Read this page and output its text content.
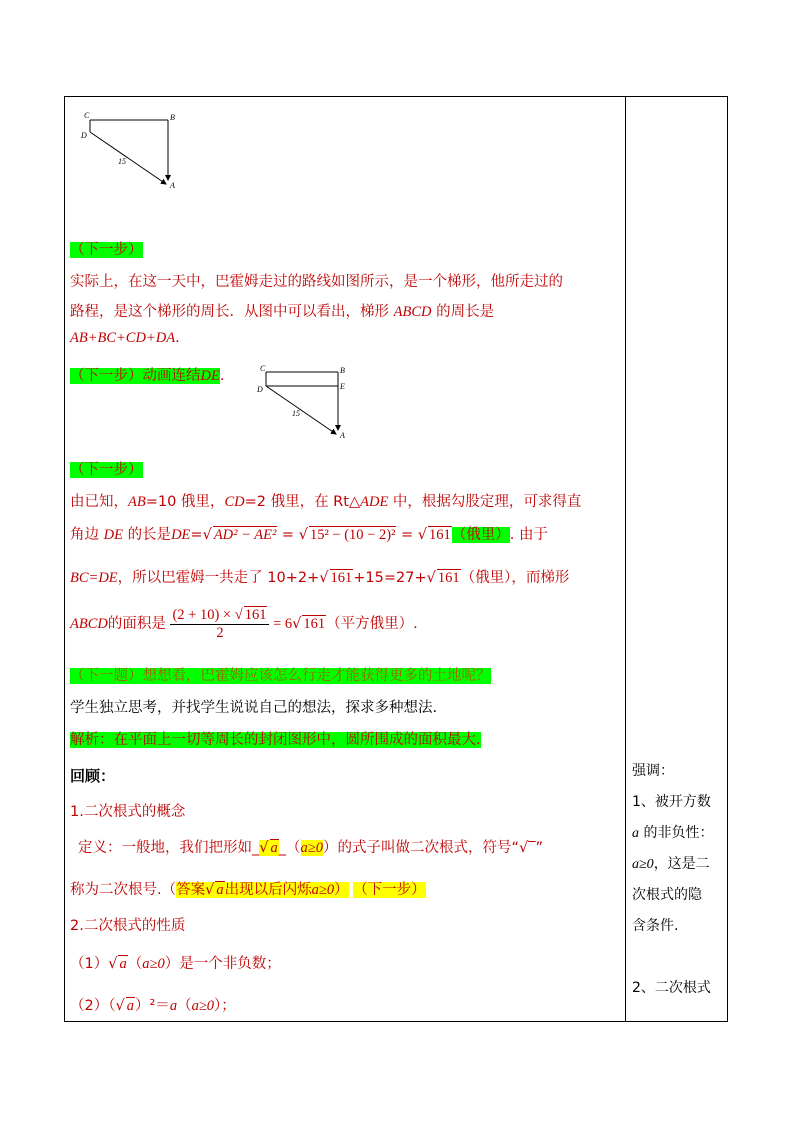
C	B
D
A
15
（下一步）
实际上，在这一天中，巴霍姆走过的路线如图所示，是一个梯形，他所走过的
路程，是这个梯形的周长．从图中可以看出，梯形 ABCD 的周长是
AB+BC+CD+DA.
（下一步）动画连结DE.	C	B
D	E
A
15
（下一步）
由已知，AB=10 俄里，CD=2 俄里，在 Rt△ADE 中，根据勾股定理，可求得直
角边 DE 的长是DE=√ AD² − AE² = √ 15² − (10 − 2)² = √ 161（俄里）. 由于
BC=DE，所以巴霍姆一共走了 10+2+√ 161+15=27+√ 161（俄里），而梯形
ABCD的面积是 $\frac{(2 + 10) \times √ 161}{2} = 6√$ 161（平方俄里）.
（下一题）想想看，巴霍姆应该怎么行走才能获得更多的土地呢？
学生独立思考，并找学生说说自己的想法，探求多种想法.
解析：在平面上一切等周长的封闭图形中，圆所围成的面积最大.
回顾：
1.二次根式的概念
定义：一般地，我们把形如_√ a_（a≥0）的式子叫做二次根式，符号“√‾”
称为二次根号.（答案√ a出现以后闪烁a≥0） （下一步）
2.二次根式的性质
（1）√ a（a≥0）是一个非负数；
（2）（√ a）²＝a（a≥0）；
强调：
1、被开方数
a 的非负性：
a≥0，这是二
次根式的隐
含条件.
2、二次根式
